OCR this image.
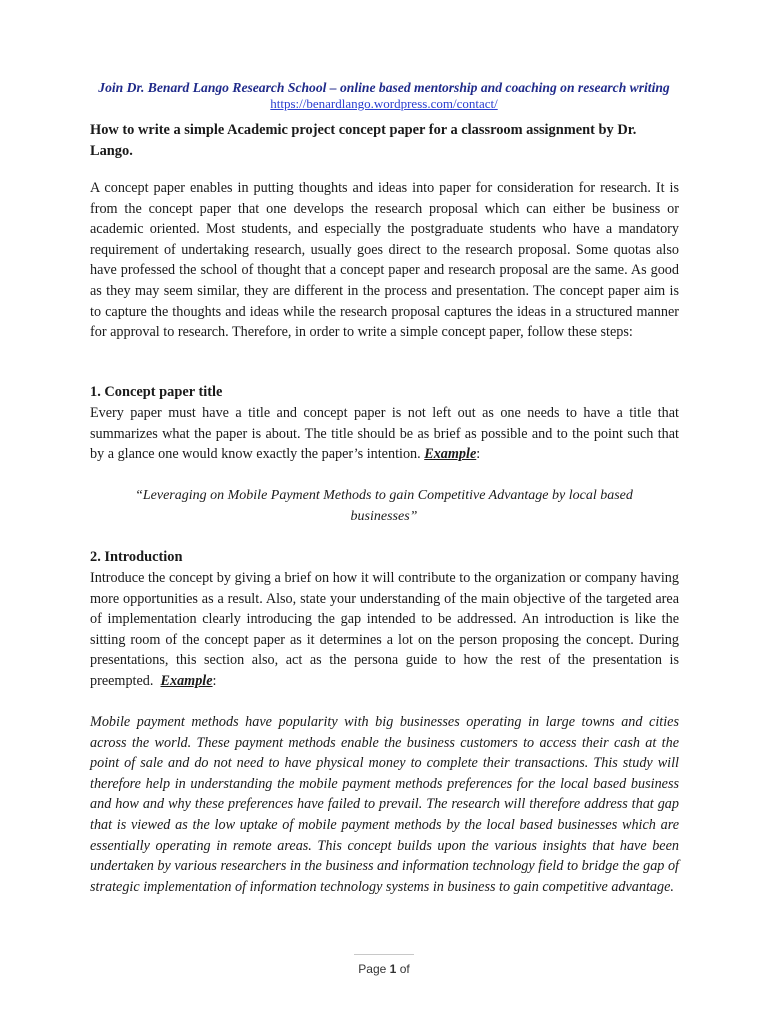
Join Dr. Benard Lango Research School – online based mentorship and coaching on research writing
https://benardlango.wordpress.com/contact/
How to write a simple Academic project concept paper for a classroom assignment by Dr. Lango.

A concept paper enables in putting thoughts and ideas into paper for consideration for research. It is from the concept paper that one develops the research proposal which can either be business or academic oriented. Most students, and especially the postgraduate students who have a mandatory requirement of undertaking research, usually goes direct to the research proposal. Some quotas also have professed the school of thought that a concept paper and research proposal are the same. As good as they may seem similar, they are different in the process and presentation. The concept paper aim is to capture the thoughts and ideas while the research proposal captures the ideas in a structured manner for approval to research. Therefore, in order to write a simple concept paper, follow these steps:

1. Concept paper title

Every paper must have a title and concept paper is not left out as one needs to have a title that summarizes what the paper is about. The title should be as brief as possible and to the point such that by a glance one would know exactly the paper’s intention. Example:

“Leveraging on Mobile Payment Methods to gain Competitive Advantage by local based businesses”

2. Introduction

Introduce the concept by giving a brief on how it will contribute to the organization or company having more opportunities as a result. Also, state your understanding of the main objective of the targeted area of implementation clearly introducing the gap intended to be addressed. An introduction is like the sitting room of the concept paper as it determines a lot on the person proposing the concept. During presentations, this section also, act as the persona guide to how the rest of the presentation is preempted. Example:

Mobile payment methods have popularity with big businesses operating in large towns and cities across the world. These payment methods enable the business customers to access their cash at the point of sale and do not need to have physical money to complete their transactions. This study will therefore help in understanding the mobile payment methods preferences for the local based business and how and why these preferences have failed to prevail. The research will therefore address that gap that is viewed as the low uptake of mobile payment methods by the local based businesses which are essentially operating in remote areas. This concept builds upon the various insights that have been undertaken by various researchers in the business and information technology field to bridge the gap of strategic implementation of information technology systems in business to gain competitive advantage.

Page 1 of
